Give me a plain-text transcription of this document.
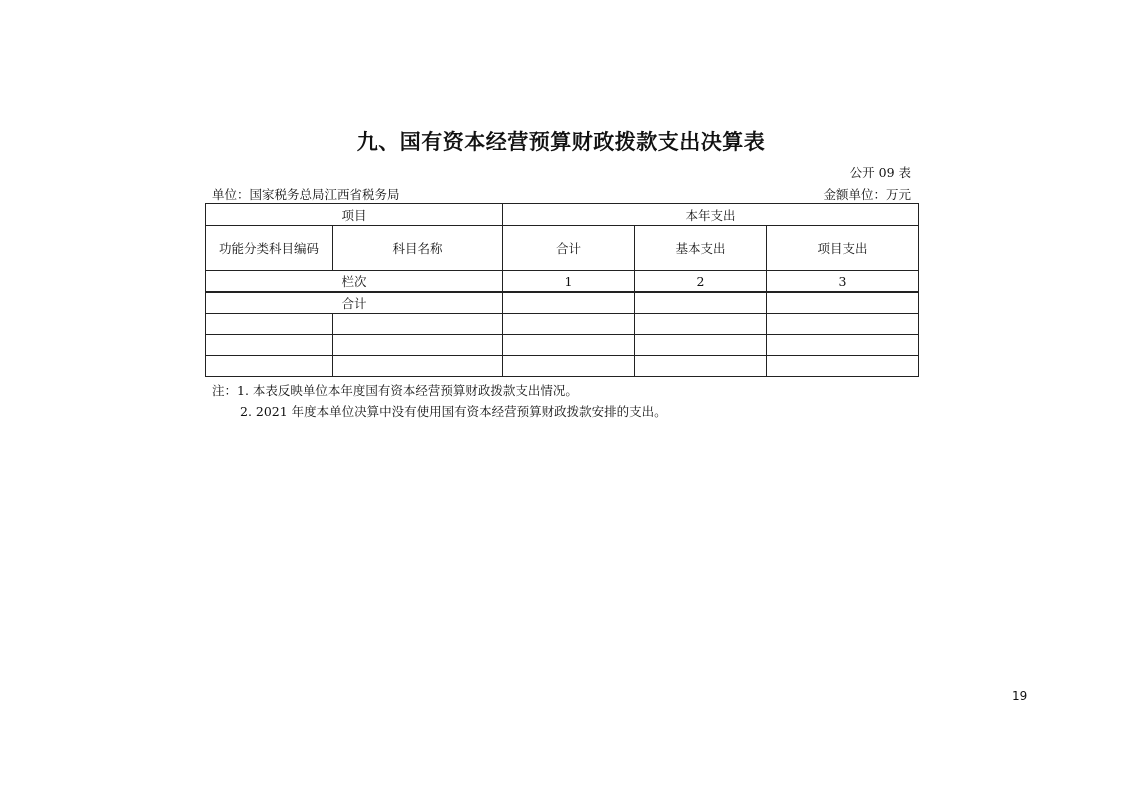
九、国有资本经营预算财政拨款支出决算表
公开 09 表
单位：国家税务总局江西省税务局	金额单位：万元
项目		本年支出		
功能分类科目编码	科目名称	合计	基本支出	项目支出
栏次		1	2	3
合计				

注：1. 本表反映单位本年度国有资本经营预算财政拨款支出情况。
2. 2021 年度本单位决算中没有使用国有资本经营预算财政拨款安排的支出。
19
